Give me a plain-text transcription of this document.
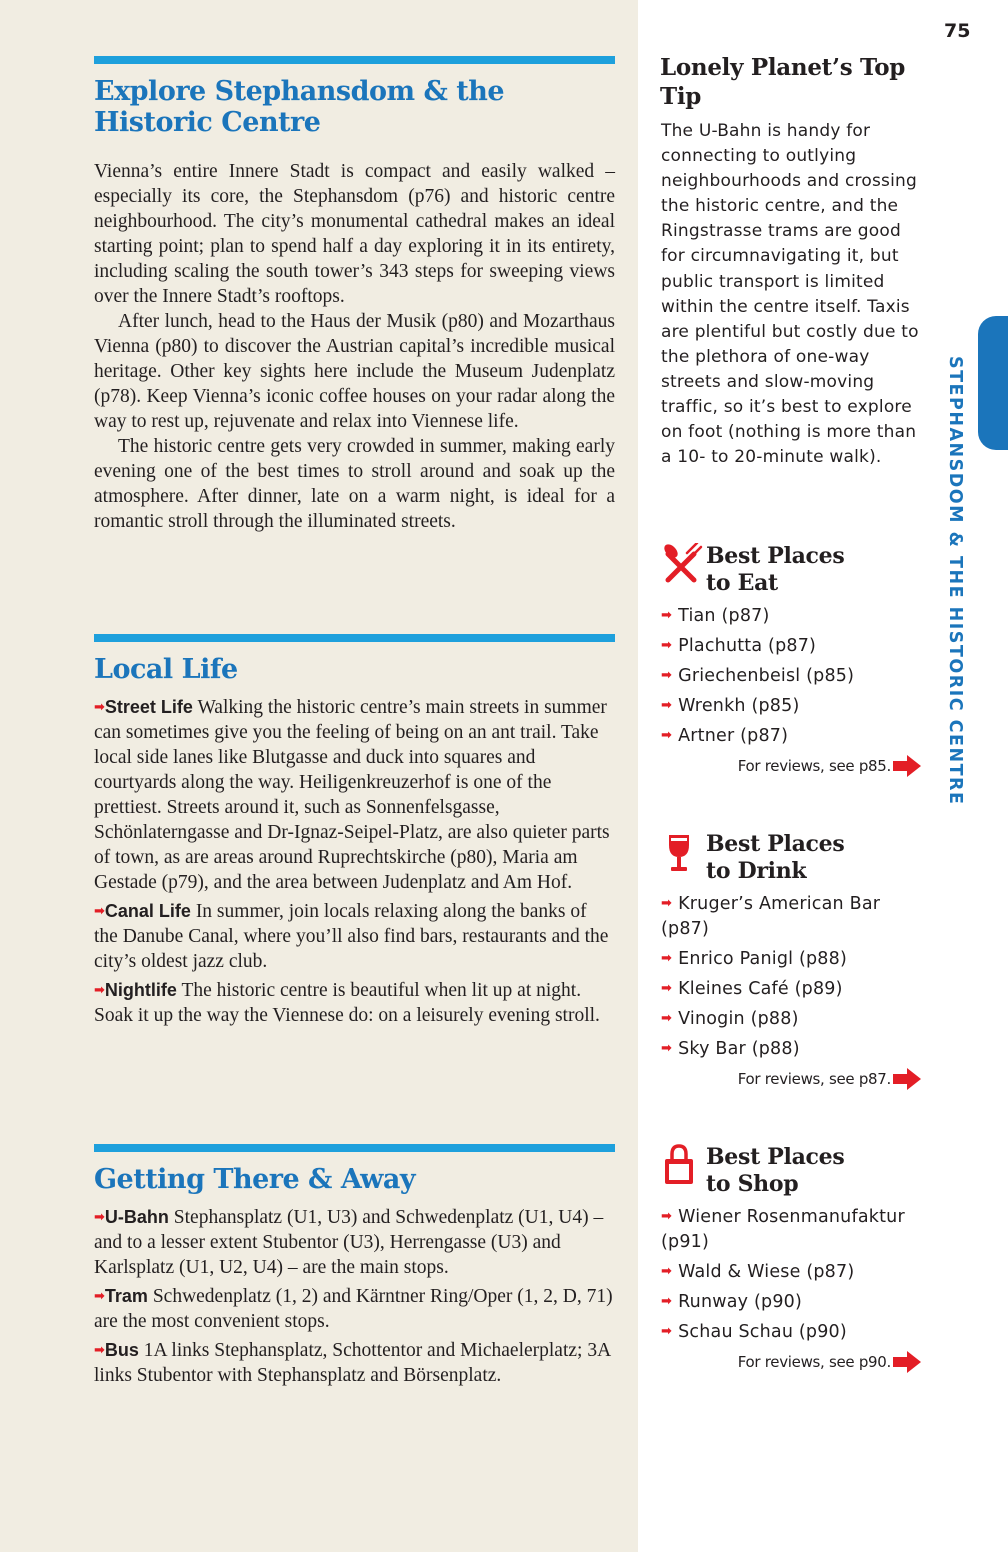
Explore Stephansdom & the Historic Centre

Vienna’s entire Innere Stadt is compact and easily walked – especially its core, the Stephansdom (p76) and historic centre neighbourhood. The city’s monumental cathedral makes an ideal starting point; plan to spend half a day exploring it in its entirety, including scaling the south tower’s 343 steps for sweeping views over the Innere Stadt’s rooftops.

After lunch, head to the Haus der Musik (p80) and Mozarthaus Vienna (p80) to discover the Austrian capital’s incredible musical heritage. Other key sights here include the Museum Judenplatz (p78). Keep Vienna’s iconic coffee houses on your radar along the way to rest up, rejuvenate and relax into Viennese life.

The historic centre gets very crowded in summer, making early evening one of the best times to stroll around and soak up the atmosphere. After dinner, late on a warm night, is ideal for a romantic stroll through the illuminated streets.

Local Life

➡Street Life Walking the historic centre’s main streets in summer can sometimes give you the feeling of being on an ant trail. Take local side lanes like Blutgasse and duck into squares and courtyards along the way. Heiligenkreuzerhof is one of the prettiest. Streets around it, such as Sonnenfelsgasse, Schönlaterngasse and Dr-Ignaz-Seipel-Platz, are also quieter parts of town, as are areas around Ruprechtskirche (p80), Maria am Gestade (p79), and the area between Judenplatz and Am Hof.

➡Canal Life In summer, join locals relaxing along the banks of the Danube Canal, where you’ll also find bars, restaurants and the city’s oldest jazz club.

➡Nightlife The historic centre is beautiful when lit up at night. Soak it up the way the Viennese do: on a leisurely evening stroll.

Getting There & Away

➡U-Bahn Stephansplatz (U1, U3) and Schwedenplatz (U1, U4) – and to a lesser extent Stubentor (U3), Herrengasse (U3) and Karlsplatz (U1, U2, U4) – are the main stops.

➡Tram Schwedenplatz (1, 2) and Kärntner Ring/Oper (1, 2, D, 71) are the most convenient stops.

➡Bus 1A links Stephansplatz, Schottentor and Michaelerplatz; 3A links Stubentor with Stephansplatz and Börsenplatz.

75
Lonely Planet’s Top Tip
The U-Bahn is handy for connecting to outlying neighbourhoods and crossing the historic centre, and the Ringstrasse trams are good for circumnavigating it, but public transport is limited within the centre itself. Taxis are plentiful but costly due to the plethora of one-way streets and slow-moving traffic, so it’s best to explore on foot (nothing is more than a 10- to 20-minute walk).	STEPHANSDOM & THE HISTORIC CENTRE
Best Places
to Eat
➡ Tian (p87)
➡ Plachutta (p87)
➡ Griechenbeisl (p85)
➡ Wrenkh (p85)
➡ Artner (p87)
For reviews, see p85.
Best Places
to Drink
➡ Kruger’s American Bar (p87)
➡ Enrico Panigl (p88)
➡ Kleines Café (p89)
➡ Vinogin (p88)
➡ Sky Bar (p88)
For reviews, see p87.
Best Places
to Shop
➡ Wiener Rosenmanufaktur (p91)
➡ Wald & Wiese (p87)
➡ Runway (p90)
➡ Schau Schau (p90)
For reviews, see p90.
